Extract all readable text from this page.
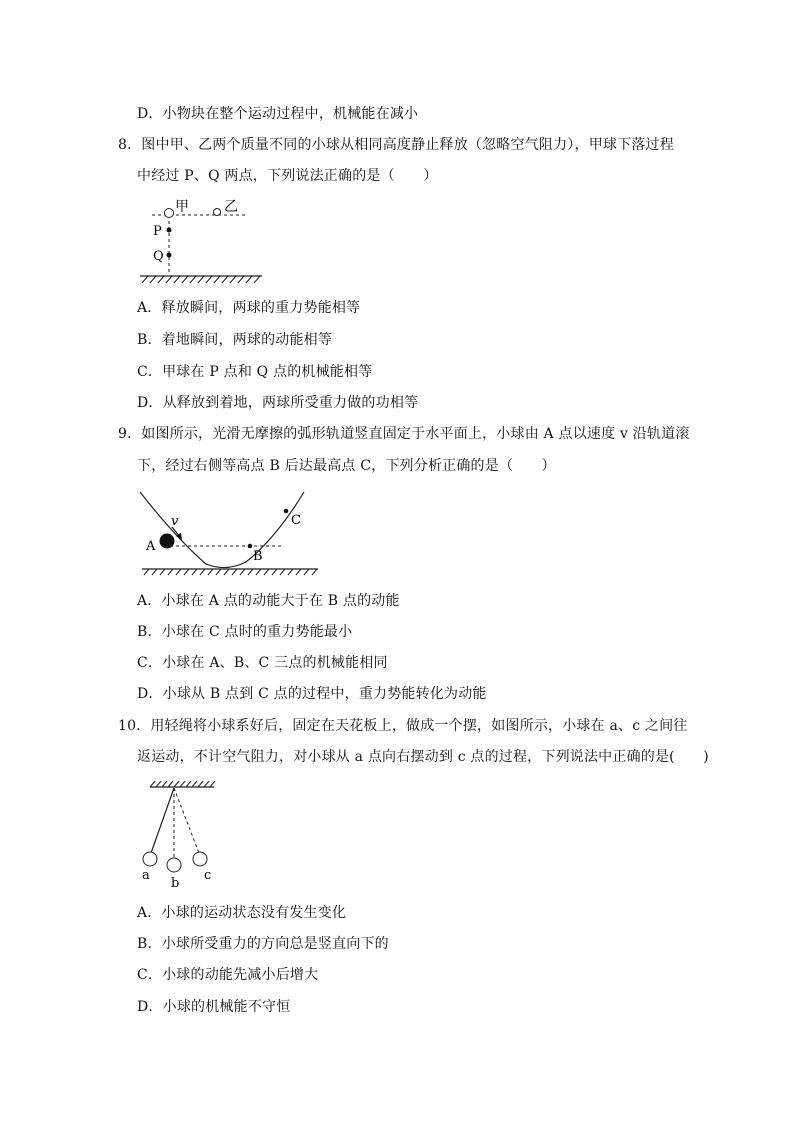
D．小物块在整个运动过程中，机械能在减小
8．图中甲、乙两个质量不同的小球从相同高度静止释放（忽略空气阻力），甲球下落过程
中经过 P、Q 两点，下列说法正确的是（　　）
甲	乙
P
Q
A．释放瞬间，两球的重力势能相等
B．着地瞬间，两球的动能相等
C．甲球在 P 点和 Q 点的机械能相等
D．从释放到着地，两球所受重力做的功相等
9．如图所示，光滑无摩擦的弧形轨道竖直固定于水平面上，小球由 A 点以速度 v 沿轨道滚
下，经过右侧等高点 B 后达最高点 C，下列分析正确的是（　　）
A
v
B
C
A．小球在 A 点的动能大于在 B 点的动能
B．小球在 C 点时的重力势能最小
C．小球在 A、B、C 三点的机械能相同
D．小球从 B 点到 C 点的过程中，重力势能转化为动能
10．用轻绳将小球系好后，固定在天花板上，做成一个摆，如图所示，小球在 a、c 之间往
返运动，不计空气阻力，对小球从 a 点向右摆动到 c 点的过程，下列说法中正确的是(　　)
a
b
c
A．小球的运动状态没有发生变化
B．小球所受重力的方向总是竖直向下的
C．小球的动能先减小后增大
D．小球的机械能不守恒
